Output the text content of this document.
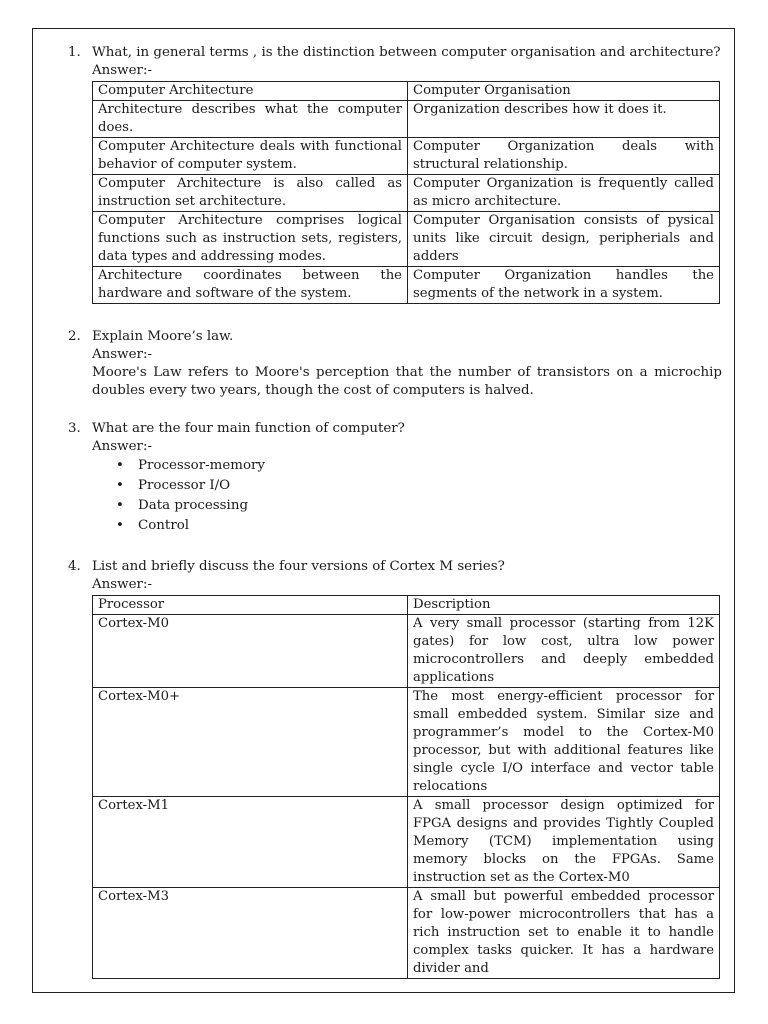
1. What, in general terms , is the distinction between computer organisation and architecture?
Answer:-
Computer Architecture	Computer Organisation
Architecture describes what the computer does.	Organization describes how it does it.
Computer Architecture deals with functional behavior of computer system.	Computer Organization deals with structural relationship.
Computer Architecture is also called as instruction set architecture.	Computer Organization is frequently called as micro architecture.
Computer Architecture comprises logical functions such as instruction sets, registers, data types and addressing modes.	Computer Organisation consists of pysical units like circuit design, peripherials and adders
Architecture coordinates between the hardware and software of the system.	Computer Organization handles the segments of the network in a system.
2. Explain Moore’s law.
Answer:-
Moore's Law refers to Moore's perception that the number of transistors on a microchip doubles every two years, though the cost of computers is halved.
3. What are the four main function of computer?
Answer:-
• Processor-memory
• Processor I/O
• Data processing
• Control
4. List and briefly discuss the four versions of Cortex M series?
Answer:-
Processor	Description
Cortex-M0	A very small processor (starting from 12K gates) for low cost, ultra low power microcontrollers and deeply embedded applications
Cortex-M0+	The most energy-efficient processor for small embedded system. Similar size and programmer’s model to the Cortex-M0 processor, but with additional features like single cycle I/O interface and vector table relocations
Cortex-M1	A small processor design optimized for FPGA designs and provides Tightly Coupled Memory (TCM) implementation using memory blocks on the FPGAs. Same instruction set as the Cortex-M0
Cortex-M3	A small but powerful embedded processor for low-power microcontrollers that has a rich instruction set to enable it to handle complex tasks quicker. It has a hardware divider and
